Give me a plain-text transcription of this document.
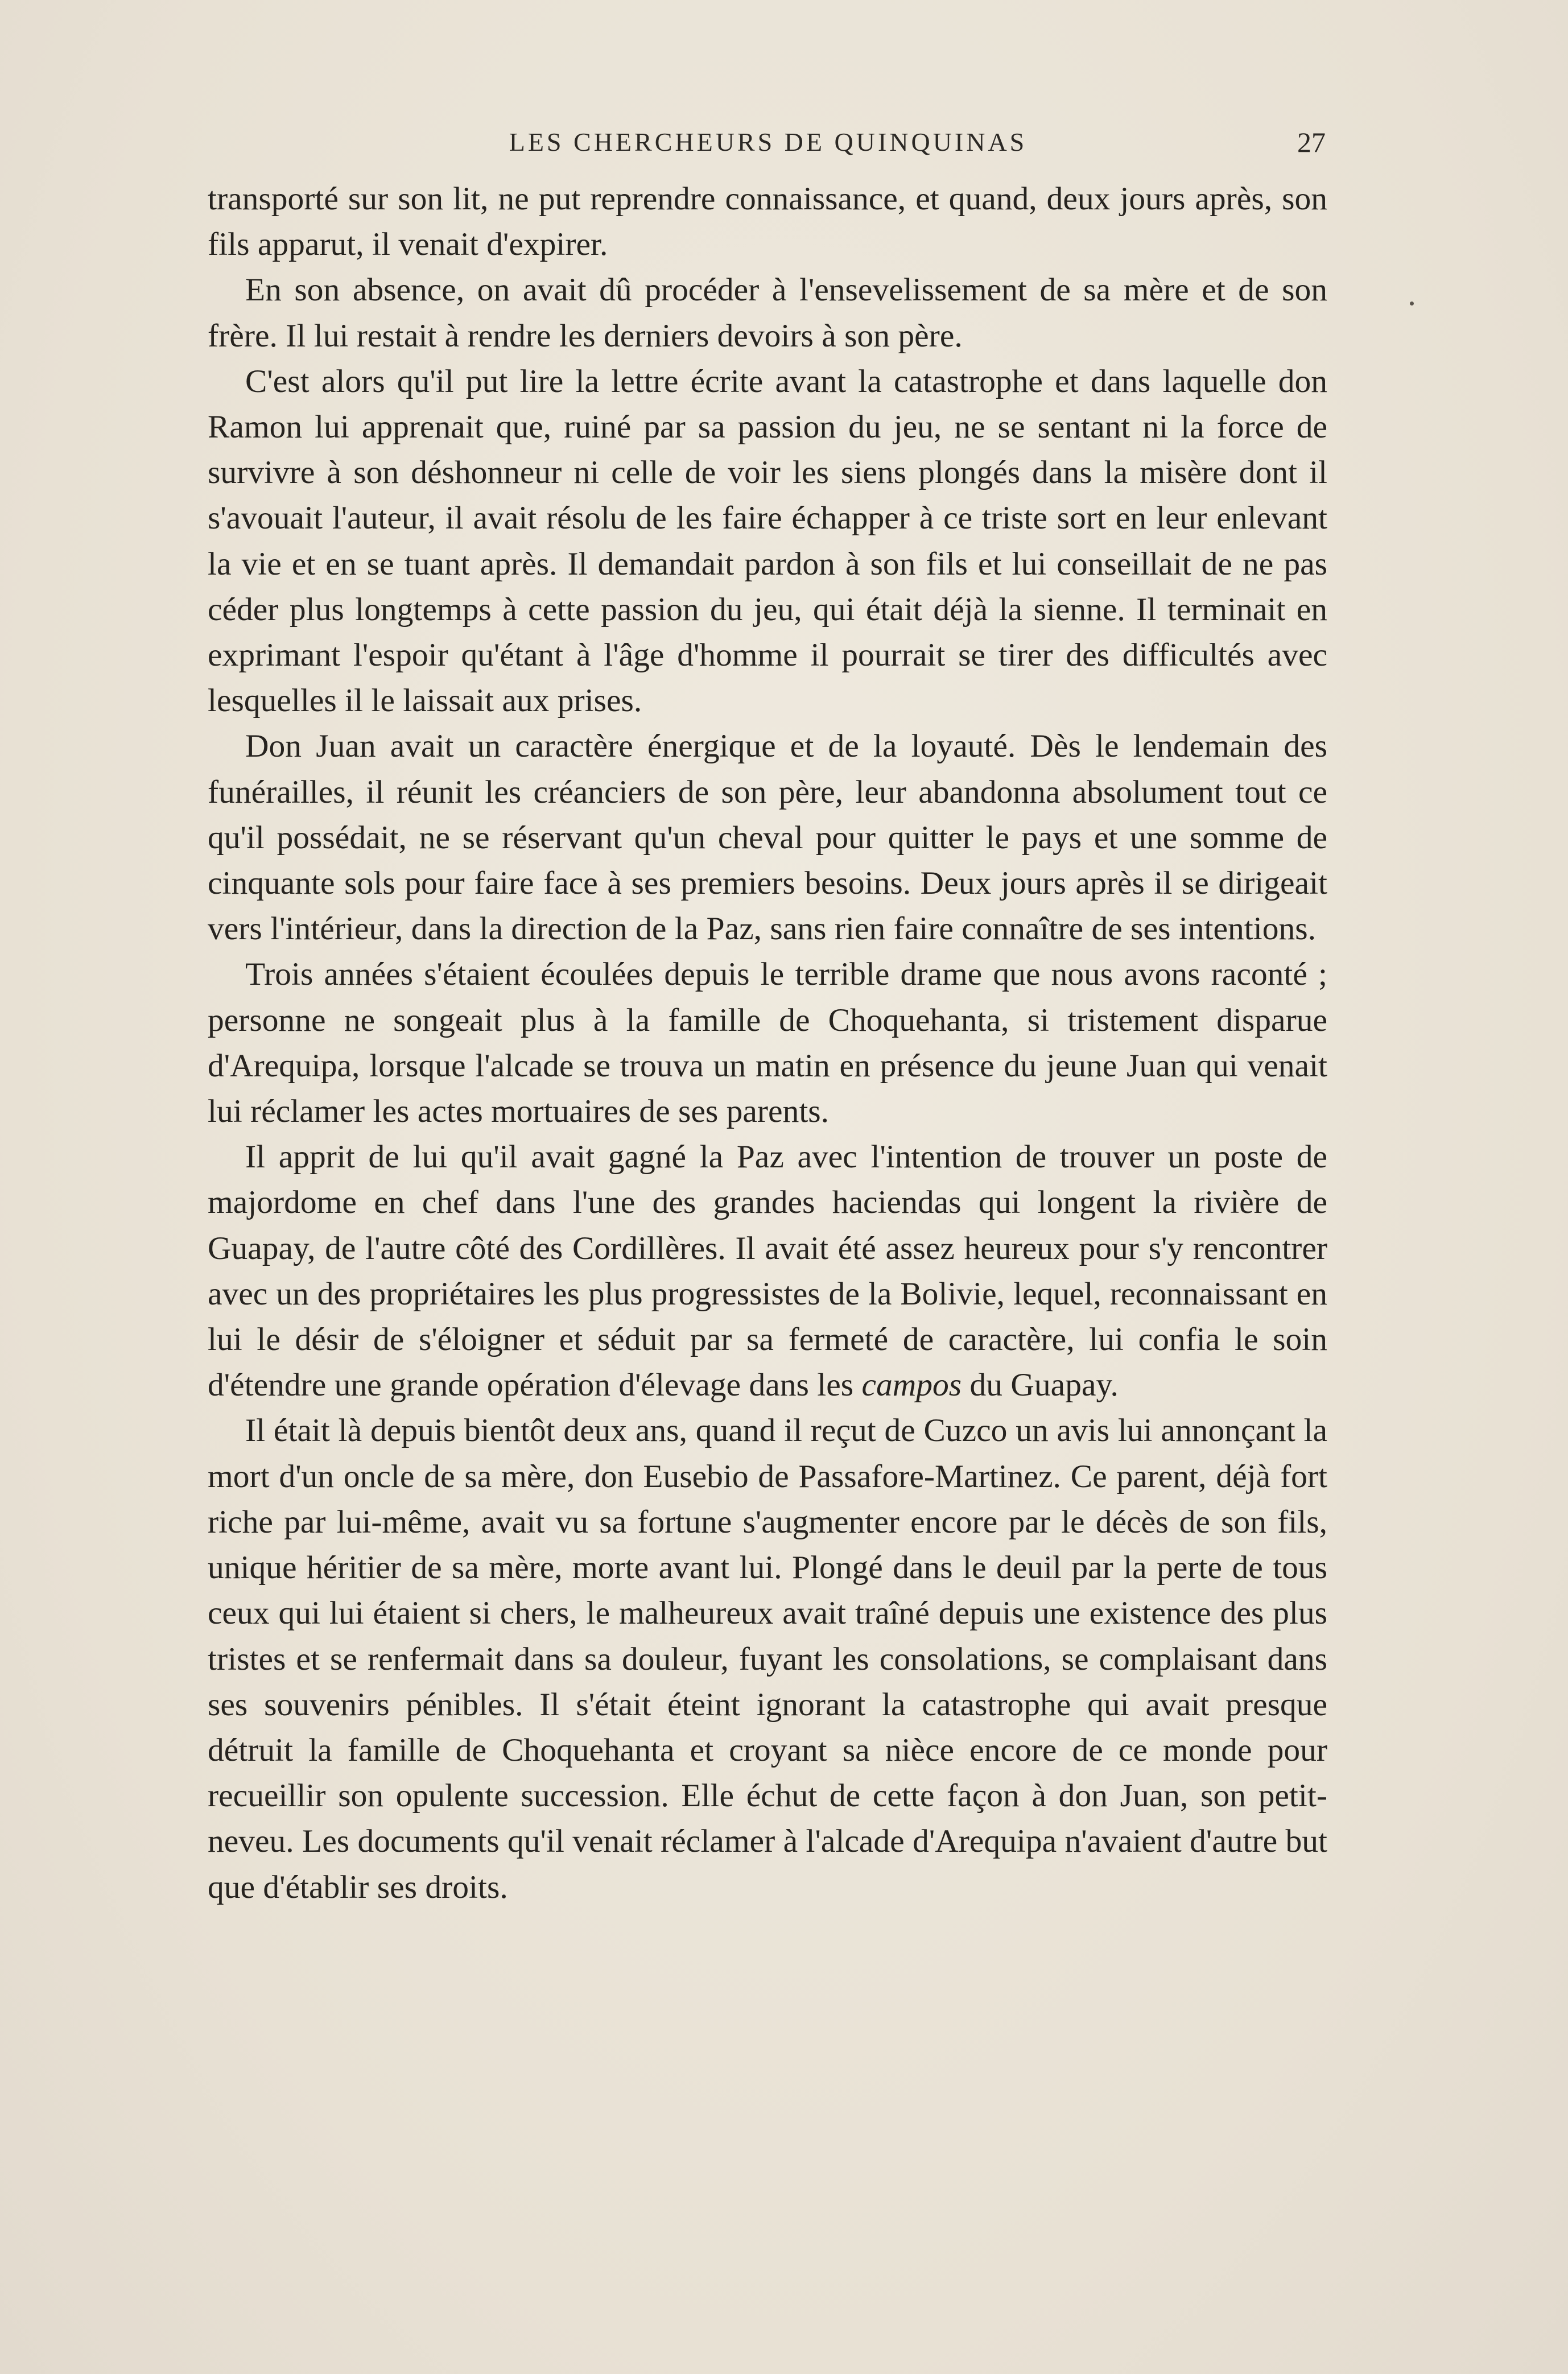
LES CHERCHEURS DE QUINQUINAS	27

transporté sur son lit, ne put reprendre connaissance, et quand, deux jours après, son fils apparut, il venait d'expirer.

En son absence, on avait dû procéder à l'ensevelissement de sa mère et de son frère. Il lui restait à rendre les derniers devoirs à son père.

C'est alors qu'il put lire la lettre écrite avant la catastrophe et dans laquelle don Ramon lui apprenait que, ruiné par sa passion du jeu, ne se sentant ni la force de survivre à son déshonneur ni celle de voir les siens plongés dans la misère dont il s'avouait l'auteur, il avait résolu de les faire échapper à ce triste sort en leur enlevant la vie et en se tuant après. Il demandait pardon à son fils et lui conseillait de ne pas céder plus longtemps à cette passion du jeu, qui était déjà la sienne. Il terminait en exprimant l'espoir qu'étant à l'âge d'homme il pourrait se tirer des difficultés avec lesquelles il le laissait aux prises.

Don Juan avait un caractère énergique et de la loyauté. Dès le lendemain des funérailles, il réunit les créanciers de son père, leur abandonna absolument tout ce qu'il possédait, ne se réservant qu'un cheval pour quitter le pays et une somme de cinquante sols pour faire face à ses premiers besoins. Deux jours après il se dirigeait vers l'intérieur, dans la direction de la Paz, sans rien faire connaître de ses intentions.

Trois années s'étaient écoulées depuis le terrible drame que nous avons raconté ; personne ne songeait plus à la famille de Choquehanta, si tristement disparue d'Arequipa, lorsque l'alcade se trouva un matin en présence du jeune Juan qui venait lui réclamer les actes mortuaires de ses parents.

Il apprit de lui qu'il avait gagné la Paz avec l'intention de trouver un poste de majordome en chef dans l'une des grandes haciendas qui longent la rivière de Guapay, de l'autre côté des Cordillères. Il avait été assez heureux pour s'y rencontrer avec un des propriétaires les plus progressistes de la Bolivie, lequel, reconnaissant en lui le désir de s'éloigner et séduit par sa fermeté de caractère, lui confia le soin d'étendre une grande opération d'élevage dans les campos du Guapay.

Il était là depuis bientôt deux ans, quand il reçut de Cuzco un avis lui annonçant la mort d'un oncle de sa mère, don Eusebio de Passafore-Martinez. Ce parent, déjà fort riche par lui-même, avait vu sa fortune s'augmenter encore par le décès de son fils, unique héritier de sa mère, morte avant lui. Plongé dans le deuil par la perte de tous ceux qui lui étaient si chers, le malheureux avait traîné depuis une existence des plus tristes et se renfermait dans sa douleur, fuyant les consolations, se complaisant dans ses souvenirs pénibles. Il s'était éteint ignorant la catastrophe qui avait presque détruit la famille de Choquehanta et croyant sa nièce encore de ce monde pour recueillir son opulente succession. Elle échut de cette façon à don Juan, son petit-neveu. Les documents qu'il venait réclamer à l'alcade d'Arequipa n'avaient d'autre but que d'établir ses droits.
